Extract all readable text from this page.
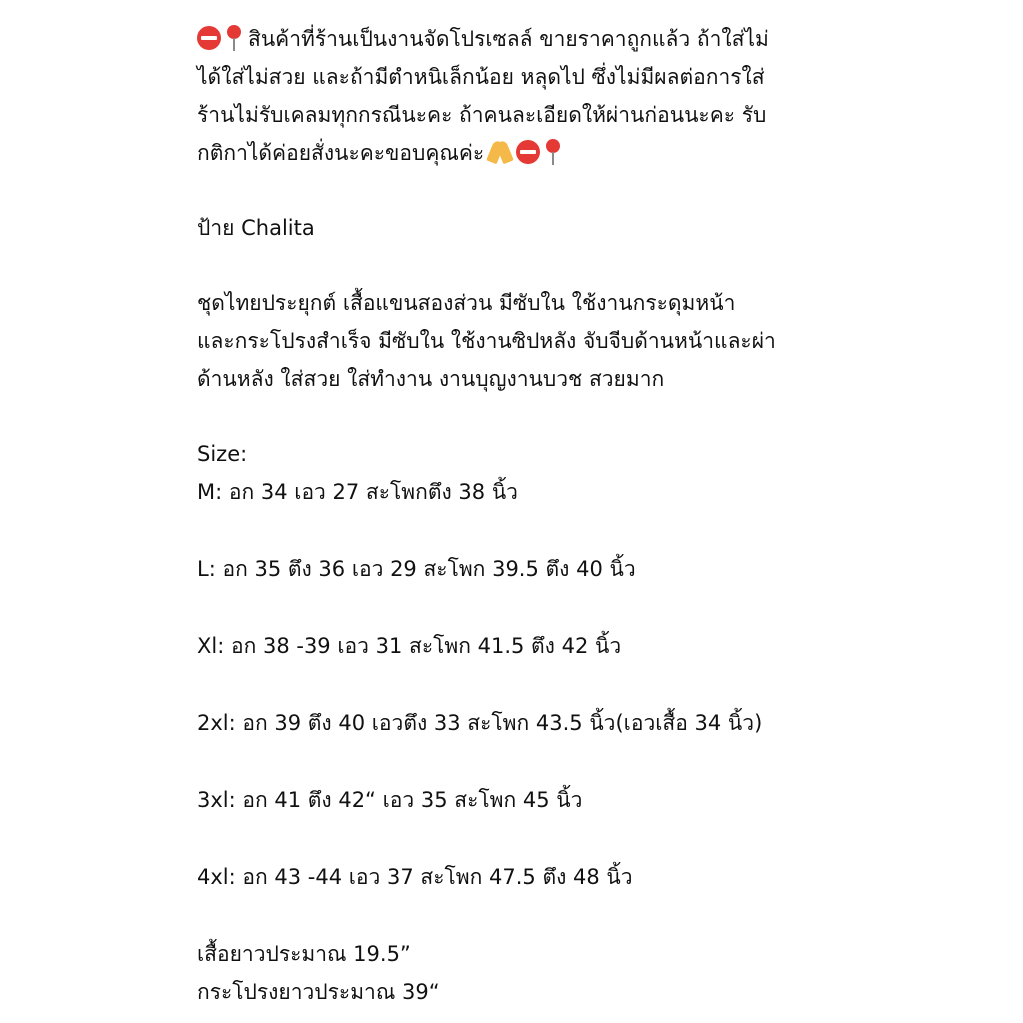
สินค้าที่ร้านเป็นงานจัดโปรเซลล์ ขายราคาถูกแล้ว ถ้าใส่ไม่
ได้ใส่ไม่สวย และถ้ามีตำหนิเล็กน้อย หลุดไป ซึ่งไม่มีผลต่อการใส่
ร้านไม่รับเคลมทุกกรณีนะคะ ถ้าคนละเอียดให้ผ่านก่อนนะคะ รับ
กติกาได้ค่อยสั่งนะคะขอบคุณค่ะ
ป้าย Chalita
ชุดไทยประยุกต์ เสื้อแขนสองส่วน มีซับใน ใช้งานกระดุมหน้า
และกระโปรงสำเร็จ มีซับใน ใช้งานซิปหลัง จับจีบด้านหน้าและผ่า
ด้านหลัง ใส่สวย ใส่ทำงาน งานบุญงานบวช สวยมาก
Size:
M: อก 34 เอว 27 สะโพกตึง 38 นิ้ว
L: อก 35 ตึง 36 เอว 29 สะโพก 39.5 ตึง 40 นิ้ว
Xl: อก 38 -39 เอว 31 สะโพก 41.5 ตึง 42 นิ้ว
2xl: อก 39 ตึง 40 เอวตึง 33 สะโพก 43.5 นิ้ว(เอวเสื้อ 34 นิ้ว)
3xl: อก 41 ตึง 42“ เอว 35 สะโพก 45 นิ้ว
4xl: อก 43 -44 เอว 37 สะโพก 47.5 ตึง 48 นิ้ว
เสื้อยาวประมาณ 19.5”
กระโปรงยาวประมาณ 39“
